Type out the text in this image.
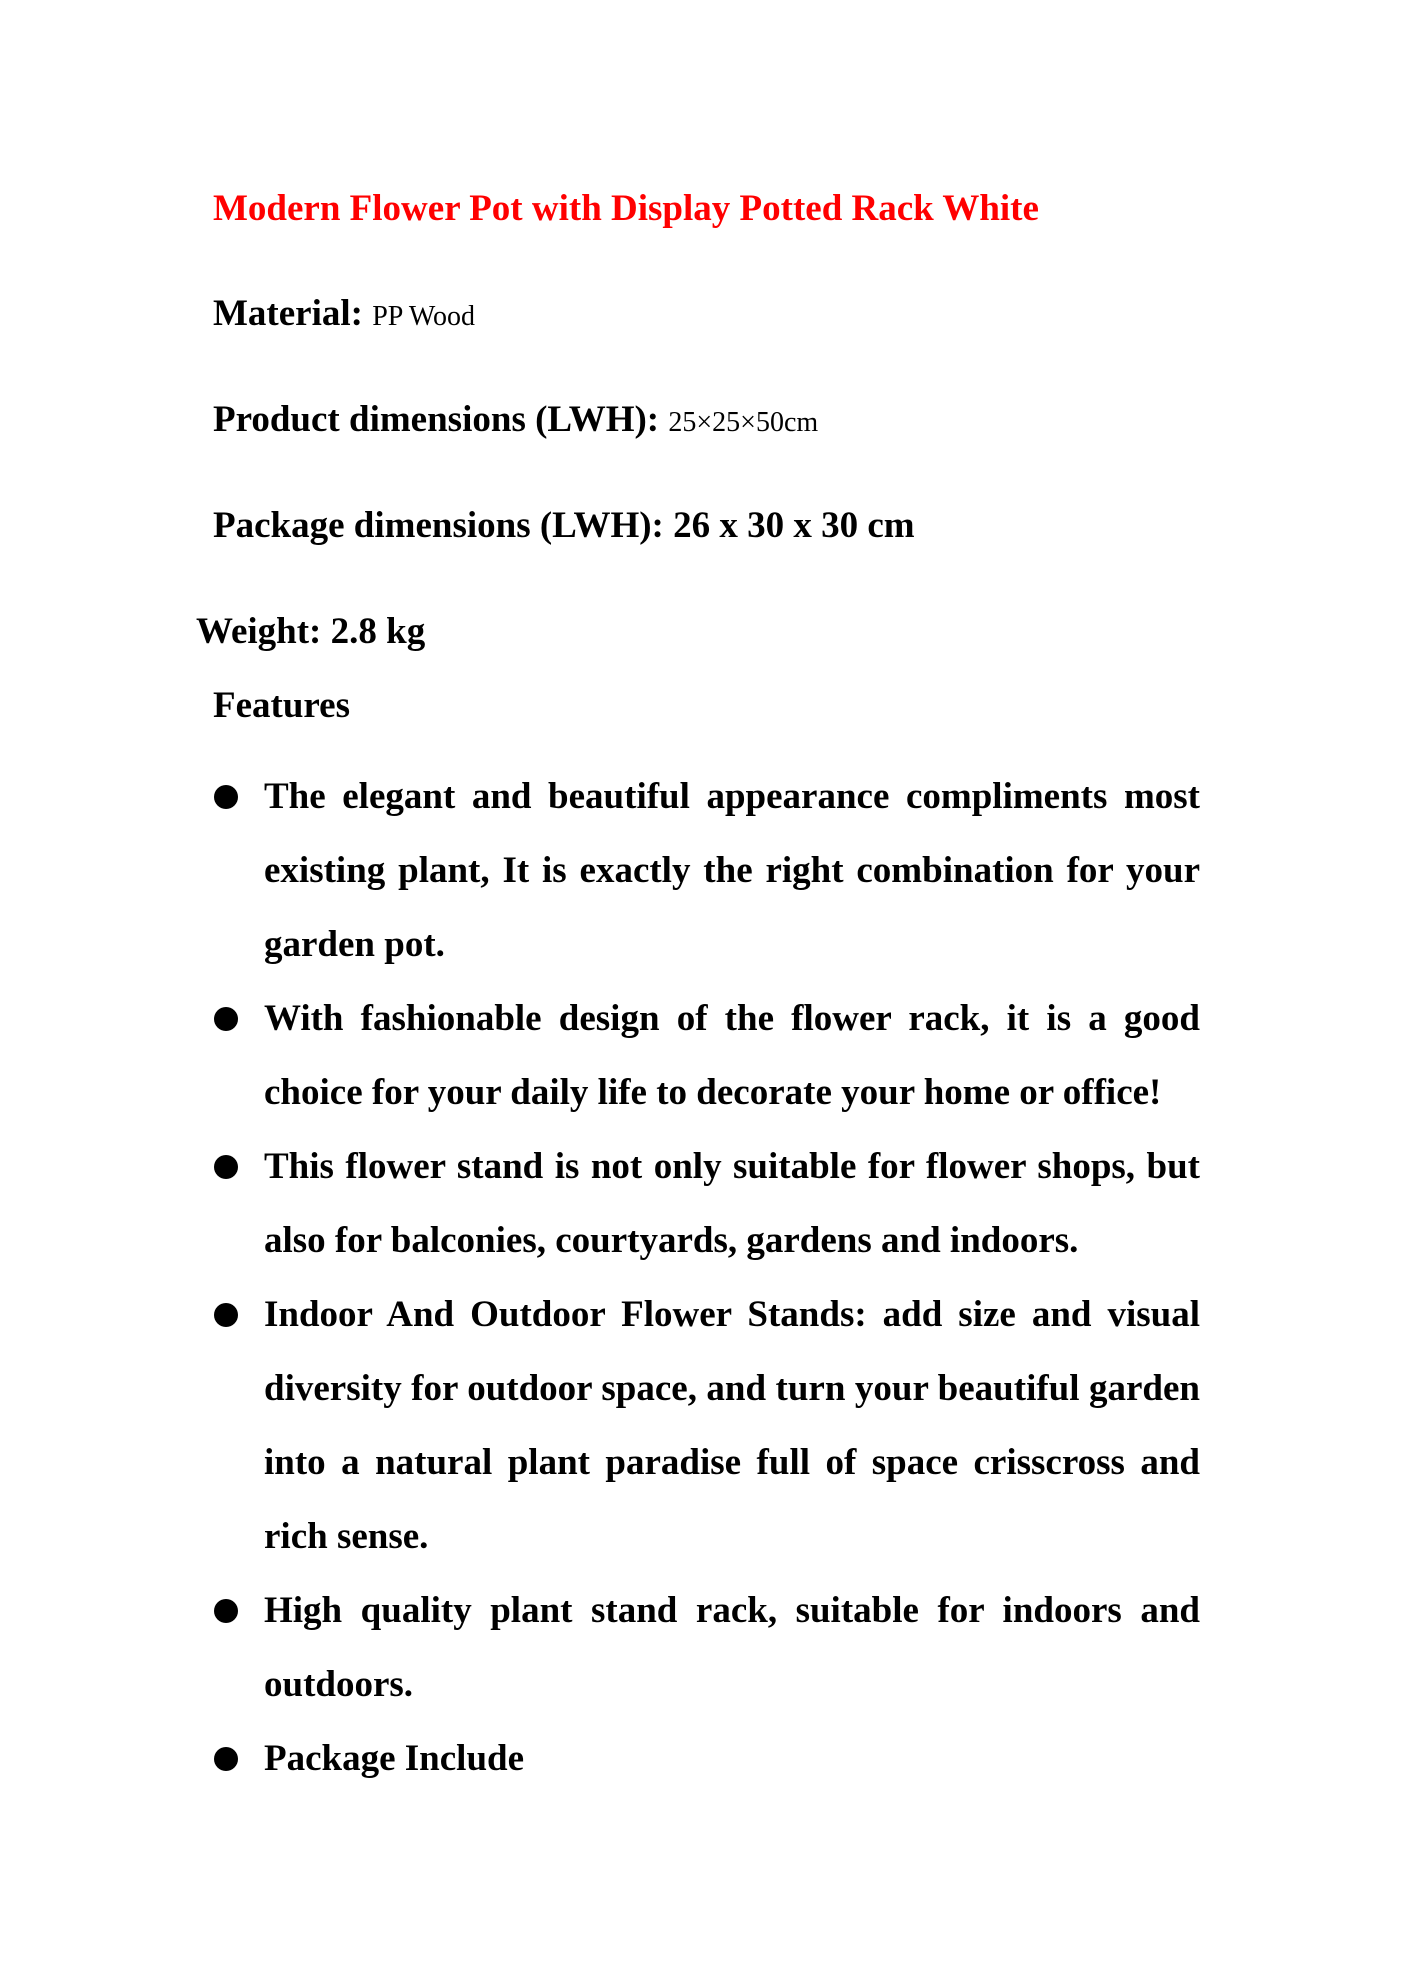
Modern Flower Pot with Display Potted Rack White
Material: PP Wood
Product dimensions (LWH): 25×25×50cm
Package dimensions (LWH): 26 x 30 x 30 cm
Weight: 2.8 kg
Features
The elegant and beautiful appearance compliments most existing plant, It is exactly the right combination for your garden pot.
With fashionable design of the flower rack, it is a good choice for your daily life to decorate your home or office!
This flower stand is not only suitable for flower shops, but also for balconies, courtyards, gardens and indoors.
Indoor And Outdoor Flower Stands: add size and visual diversity for outdoor space, and turn your beautiful garden into a natural plant paradise full of space crisscross and rich sense.
High quality plant stand rack, suitable for indoors and outdoors.
Package Include
